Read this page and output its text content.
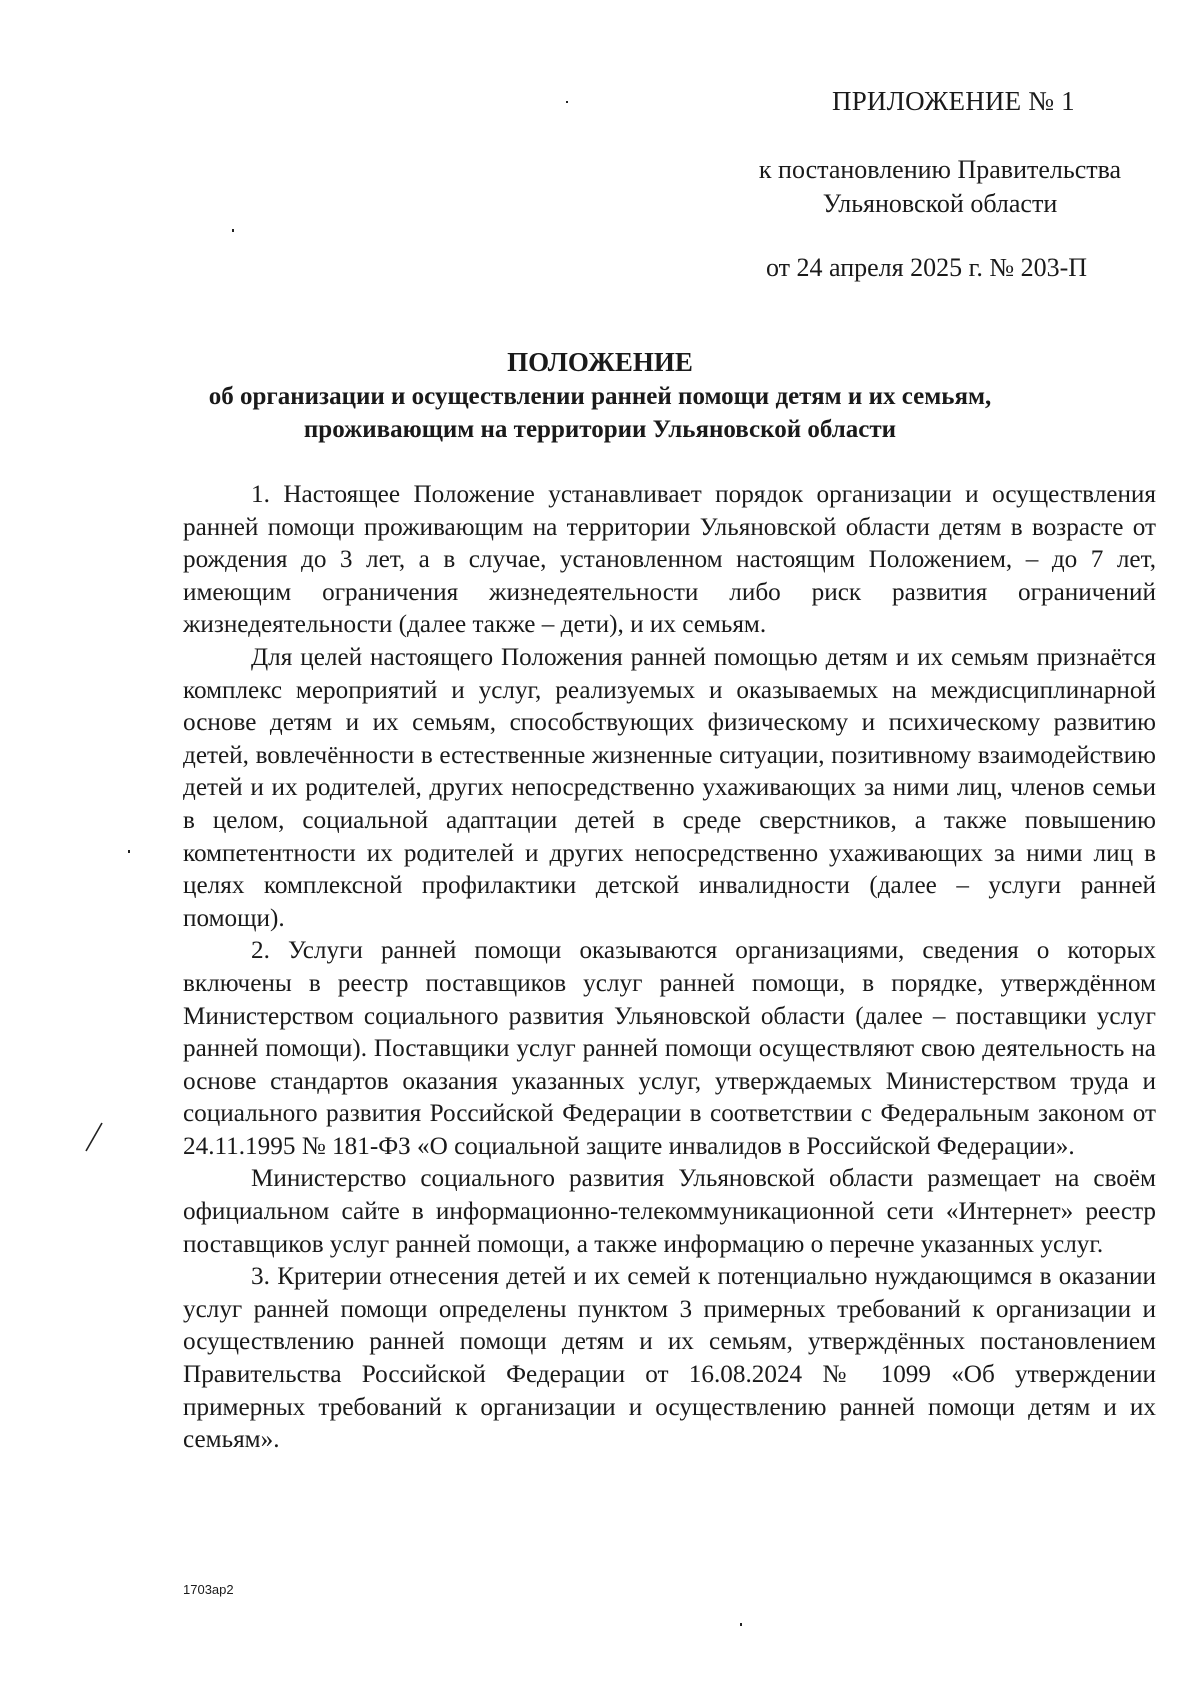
ПРИЛОЖЕНИЕ № 1
к постановлению Правительства
Ульяновской области
от 24 апреля 2025 г. № 203-П
ПОЛОЖЕНИЕ
об организации и осуществлении ранней помощи детям и их семьям,
проживающим на территории Ульяновской области

1. Настоящее Положение устанавливает порядок организации и осуществления ранней помощи проживающим на территории Ульяновской области детям в возрасте от рождения до 3 лет, а в случае, установленном настоящим Положением, – до 7 лет, имеющим ограничения жизнедеятельности либо риск развития ограничений жизнедеятельности (далее также – дети), и их семьям.

Для целей настоящего Положения ранней помощью детям и их семьям признаётся комплекс мероприятий и услуг, реализуемых и оказываемых на междисциплинарной основе детям и их семьям, способствующих физическому и психическому развитию детей, вовлечённости в естественные жизненные ситуации, позитивному взаимодействию детей и их родителей, других непосредственно ухаживающих за ними лиц, членов семьи в целом, социальной адаптации детей в среде сверстников, а также повышению компетентности их родителей и других непосредственно ухаживающих за ними лиц в целях комплексной профилактики детской инвалидности (далее – услуги ранней помощи).

2. Услуги ранней помощи оказываются организациями, сведения о которых включены в реестр поставщиков услуг ранней помощи, в порядке, утверждённом Министерством социального развития Ульяновской области (далее – поставщики услуг ранней помощи). Поставщики услуг ранней помощи осуществляют свою деятельность на основе стандартов оказания указанных услуг, утверждаемых Министерством труда и социального развития Российской Федерации в соответствии с Федеральным законом от 24.11.1995 № 181-ФЗ «О социальной защите инвалидов в Российской Федерации».

Министерство социального развития Ульяновской области размещает на своём официальном сайте в информационно-телекоммуникационной сети «Интернет» реестр поставщиков услуг ранней помощи, а также информацию о перечне указанных услуг.

3. Критерии отнесения детей и их семей к потенциально нуждающимся в оказании услуг ранней помощи определены пунктом 3 примерных требований к организации и осуществлению ранней помощи детям и их семьям, утверждённых постановлением Правительства Российской Федерации от 16.08.2024 № 1099 «Об утверждении примерных требований к организации и осуществлению ранней помощи детям и их семьям».

1703ap2
